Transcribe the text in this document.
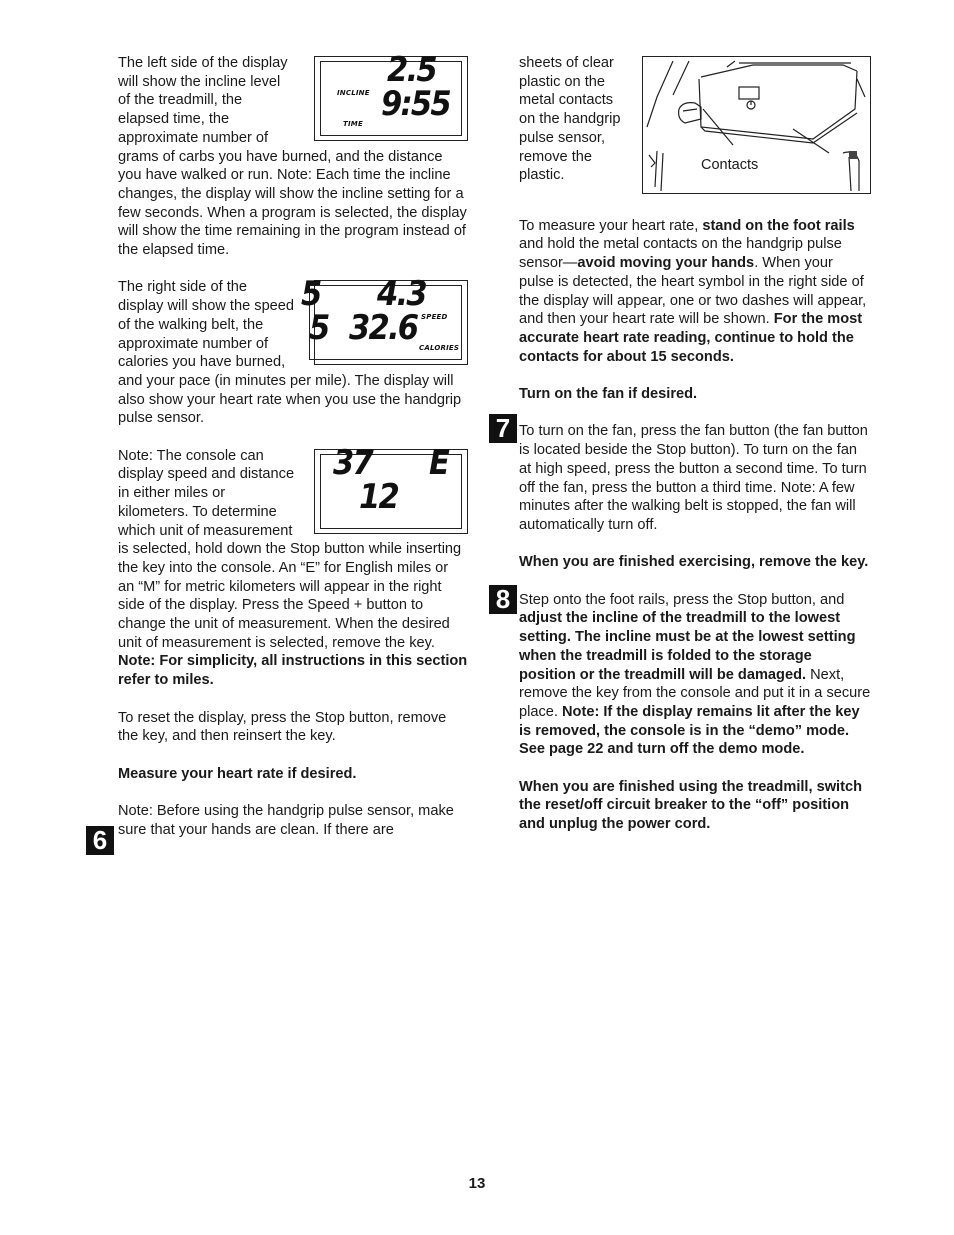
INCLINE
2.5
TIME 9:55

The left side of the display will show the incline level of the treadmill, the elapsed time, the approximate number of grams of carbs you have burned, and the distance you have walked or run. Note: Each time the incline changes, the display will show the incline setting for a few seconds. When a program is selected, the display will show the time remaining in the program instead of the elapsed time.

5 4.3
SPEED
5 32.6 CALORIES

The right side of the display will show the speed of the walking belt, the approximate number of calories you have burned, and your pace (in minutes per mile). The display will also show your heart rate when you use the handgrip pulse sensor.

37 E
12

Note: The console can display speed and distance in either miles or kilometers. To determine which unit of measurement is selected, hold down the Stop button while inserting the key into the console. An “E” for English miles or an “M” for metric kilometers will appear in the right side of the display. Press the Speed + button to change the unit of measurement. When the desired unit of measurement is selected, remove the key. Note: For simplicity, all instructions in this section refer to miles.

To reset the display, press the Stop button, remove the key, and then reinsert the key.

Measure your heart rate if desired.

Note: Before using the handgrip pulse sensor, make sure that your hands are clean. If there are

6
Contacts

sheets of clear plastic on the metal contacts on the handgrip pulse sensor, remove the plastic.

To measure your heart rate, stand on the foot rails and hold the metal contacts on the handgrip pulse sensor—avoid moving your hands. When your pulse is detected, the heart symbol in the right side of the display will appear, one or two dashes will appear, and then your heart rate will be shown. For the most accurate heart rate reading, continue to hold the contacts for about 15 seconds.

Turn on the fan if desired.

To turn on the fan, press the fan button (the fan button is located beside the Stop button). To turn on the fan at high speed, press the button a second time. To turn off the fan, press the button a third time. Note: A few minutes after the walking belt is stopped, the fan will automatically turn off.

When you are finished exercising, remove the key.

Step onto the foot rails, press the Stop button, and adjust the incline of the treadmill to the lowest setting. The incline must be at the lowest setting when the treadmill is folded to the storage position or the treadmill will be damaged. Next, remove the key from the console and put it in a secure place. Note: If the display remains lit after the key is removed, the console is in the “demo” mode. See page 22 and turn off the demo mode.

When you are finished using the treadmill, switch the reset/off circuit breaker to the “off” position and unplug the power cord.

7
8
13
